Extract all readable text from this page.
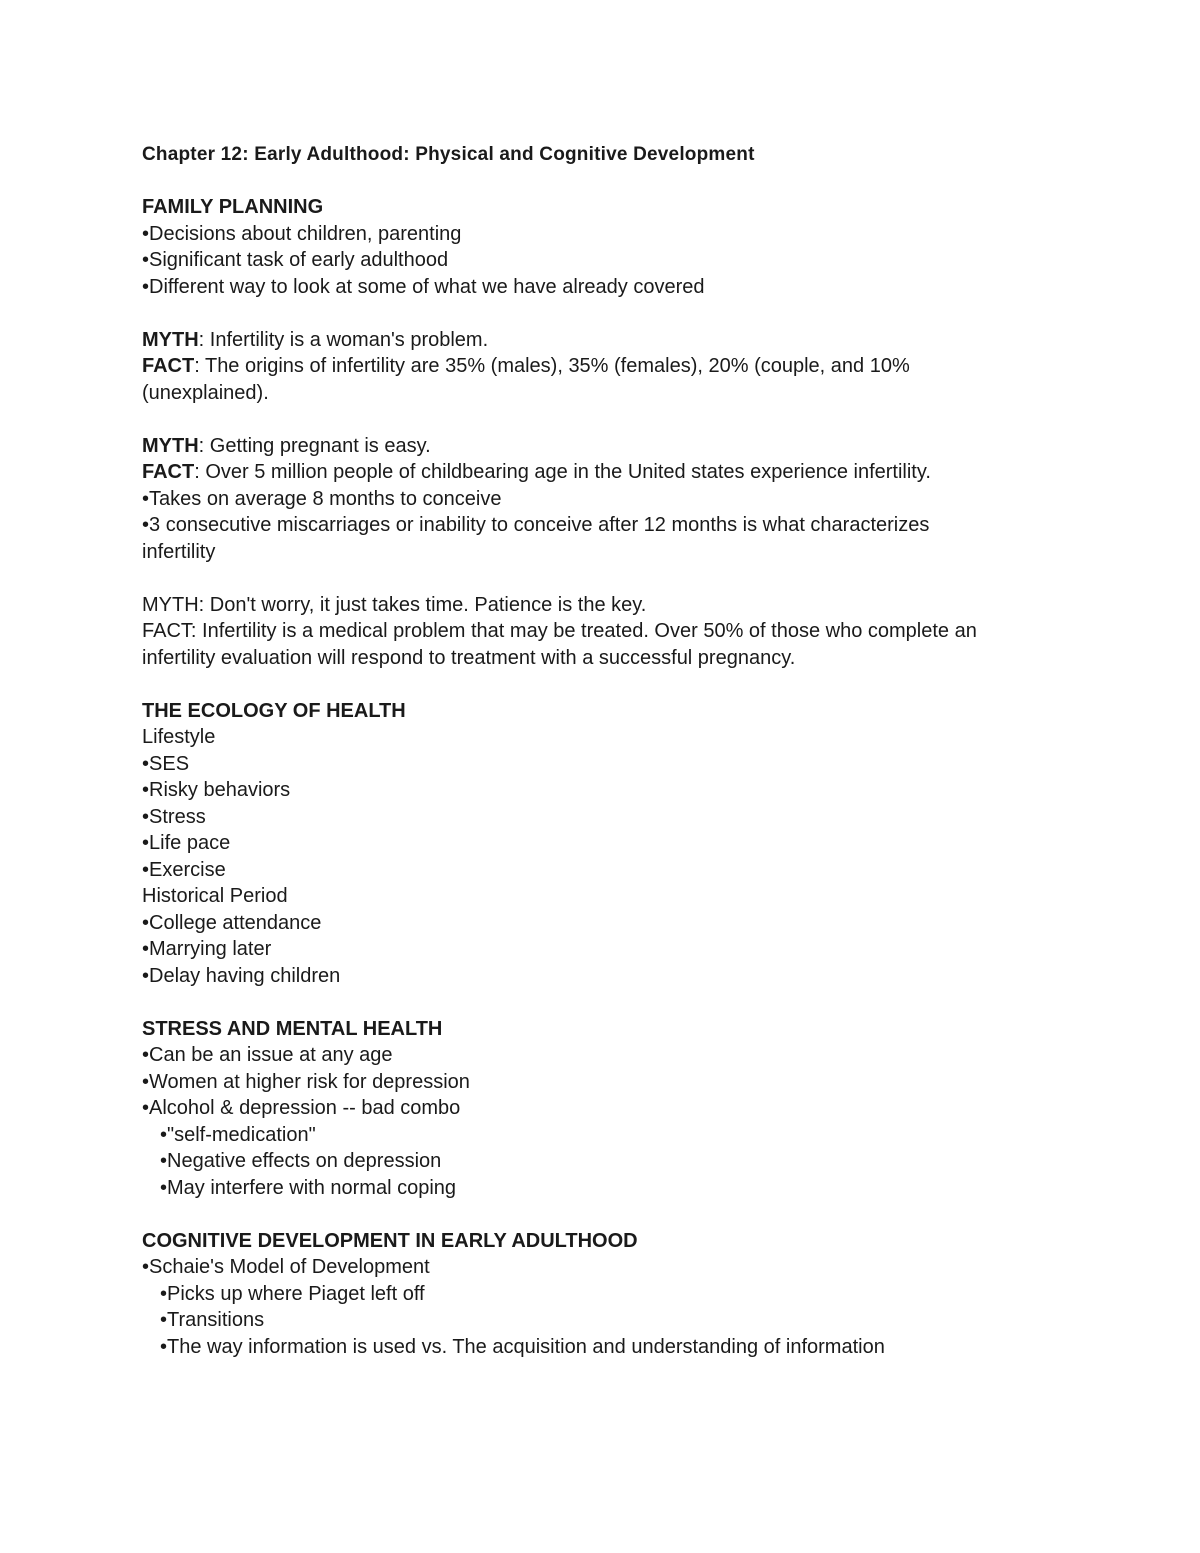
Chapter 12: Early Adulthood: Physical and Cognitive Development
FAMILY PLANNING
• Decisions about children, parenting
• Significant task of early adulthood
• Different way to look at some of what we have already covered
MYTH: Infertility is a woman's problem.
FACT: The origins of infertility are 35% (males), 35% (females), 20% (couple, and 10%
(unexplained).
MYTH: Getting pregnant is easy.
FACT: Over 5 million people of childbearing age in the United states experience infertility.
• Takes on average 8 months to conceive
• 3 consecutive miscarriages or inability to conceive after 12 months is what characterizes
infertility
MYTH: Don't worry, it just takes time. Patience is the key.
FACT: Infertility is a medical problem that may be treated. Over 50% of those who complete an
infertility evaluation will respond to treatment with a successful pregnancy.
THE ECOLOGY OF HEALTH
Lifestyle
• SES
• Risky behaviors
• Stress
• Life pace
• Exercise
Historical Period
• College attendance
• Marrying later
• Delay having children
STRESS AND MENTAL HEALTH
• Can be an issue at any age
• Women at higher risk for depression
• Alcohol & depression -- bad combo
• "self-medication"
• Negative effects on depression
• May interfere with normal coping
COGNITIVE DEVELOPMENT IN EARLY ADULTHOOD
• Schaie's Model of Development
• Picks up where Piaget left off
• Transitions
• The way information is used vs. The acquisition and understanding of information
